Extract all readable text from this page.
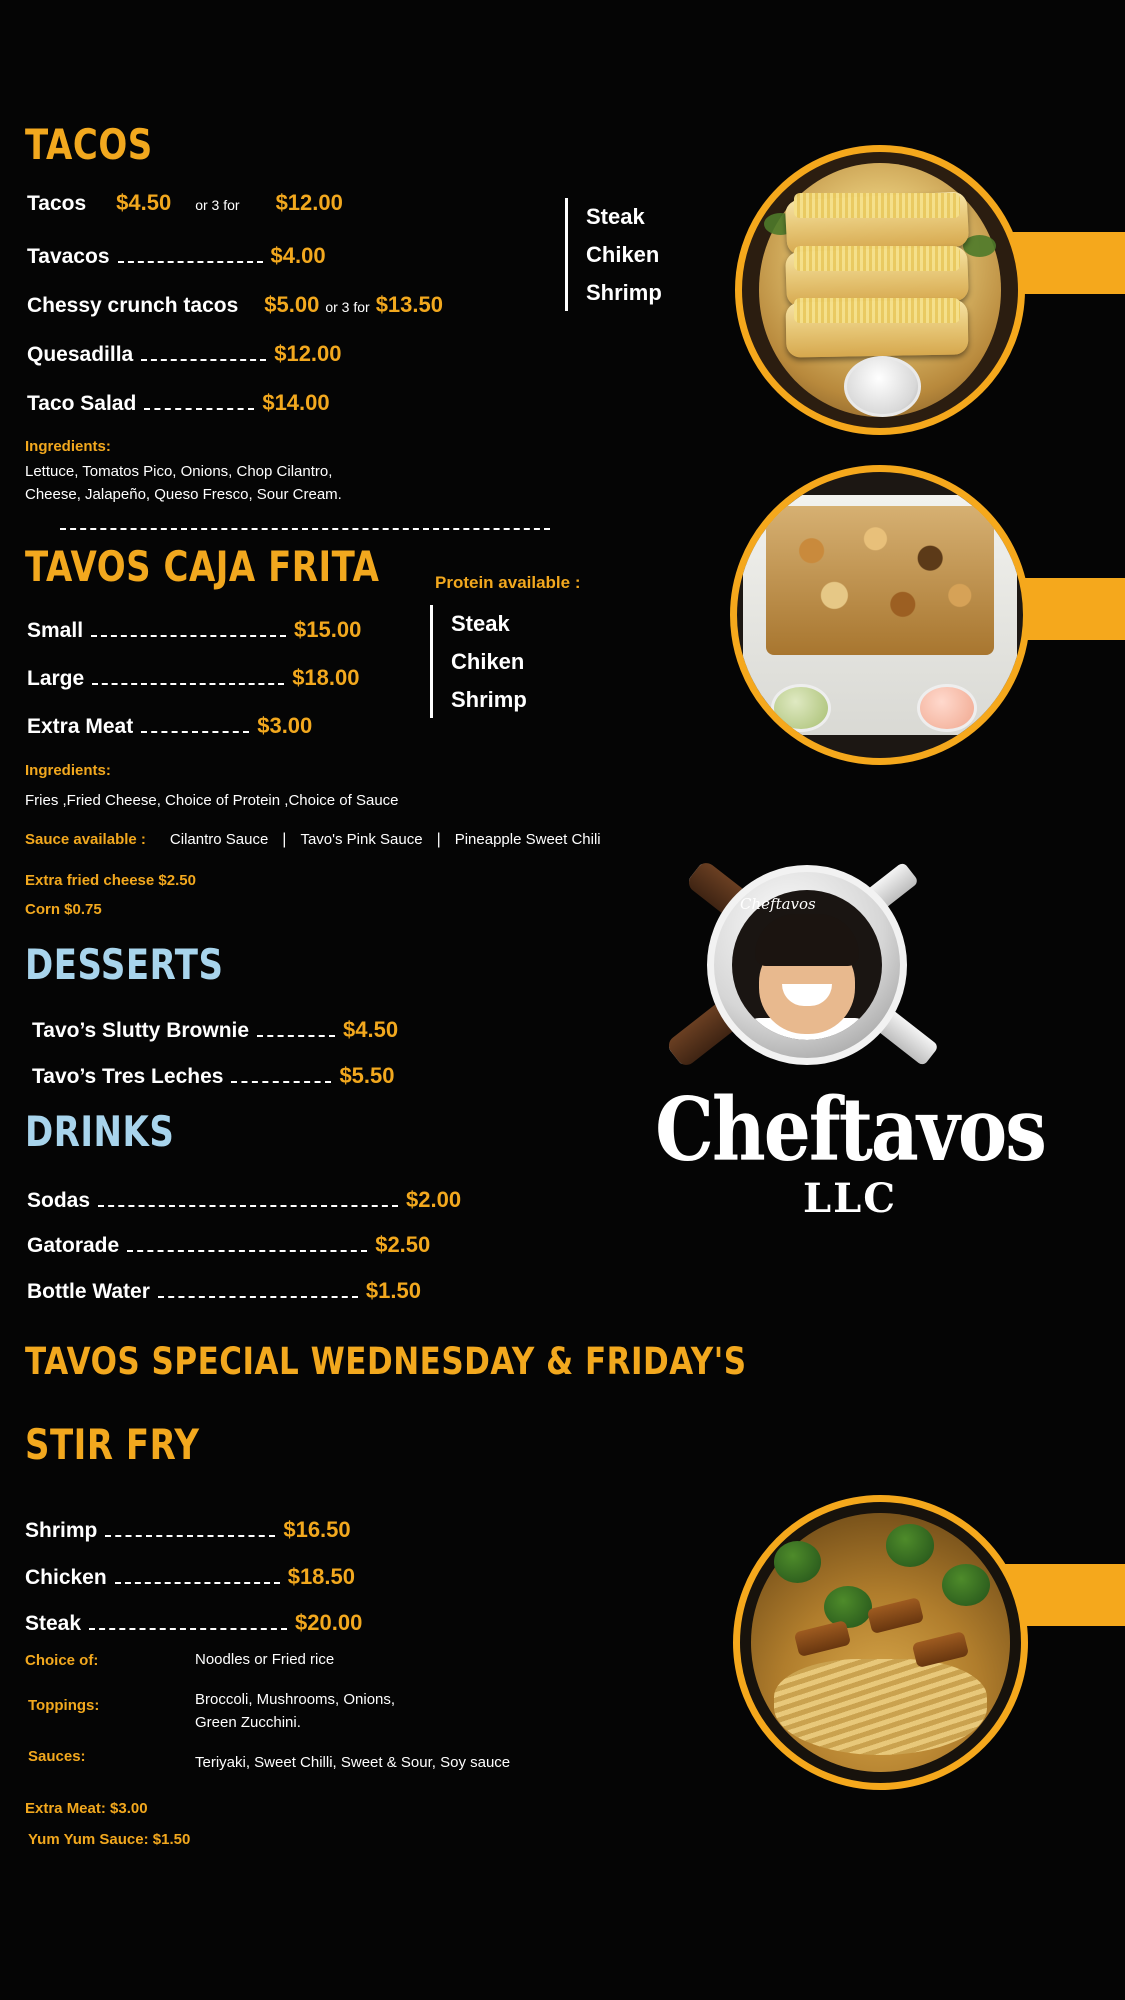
TACOS
Tacos $4.50	or 3 for	$12.00
Tavacos	$4.00
Chessy crunch tacos $5.00 or 3 for $13.50
Quesadilla	$12.00
Taco Salad	$14.00
Steak
Chiken
Shrimp
Ingredients:
Lettuce, Tomatos Pico, Onions, Chop Cilantro,
Cheese, Jalapeño, Queso Fresco, Sour Cream.
TAVOS CAJA FRITA	Protein available :
Small	$15.00
Large	$18.00
Extra Meat	$3.00
Steak
Chiken
Shrimp
Ingredients:
Fries ,Fried Cheese, Choice of Protein ,Choice of Sauce
Sauce available :	Cilantro Sauce | Tavo's Pink Sauce | Pineapple Sweet Chili
Extra fried cheese $2.50
Corn $0.75
DESSERTS
Tavo’s Slutty Brownie	$4.50
Tavo’s Tres Leches	$5.50
DRINKS
Sodas	$2.00
Gatorade	$2.50
Bottle Water	$1.50
Cheftavos
Cheftavos
LLC
TAVOS SPECIAL WEDNESDAY & FRIDAY'S
STIR FRY
Shrimp	$16.50
Chicken	$18.50
Steak	$20.00
Choice of:	Noodles or Fried rice
Toppings:	Broccoli, Mushrooms, Onions,
Green Zucchini.
Sauces:	Teriyaki, Sweet Chilli, Sweet & Sour, Soy sauce
Extra Meat: $3.00
Yum Yum Sauce: $1.50
